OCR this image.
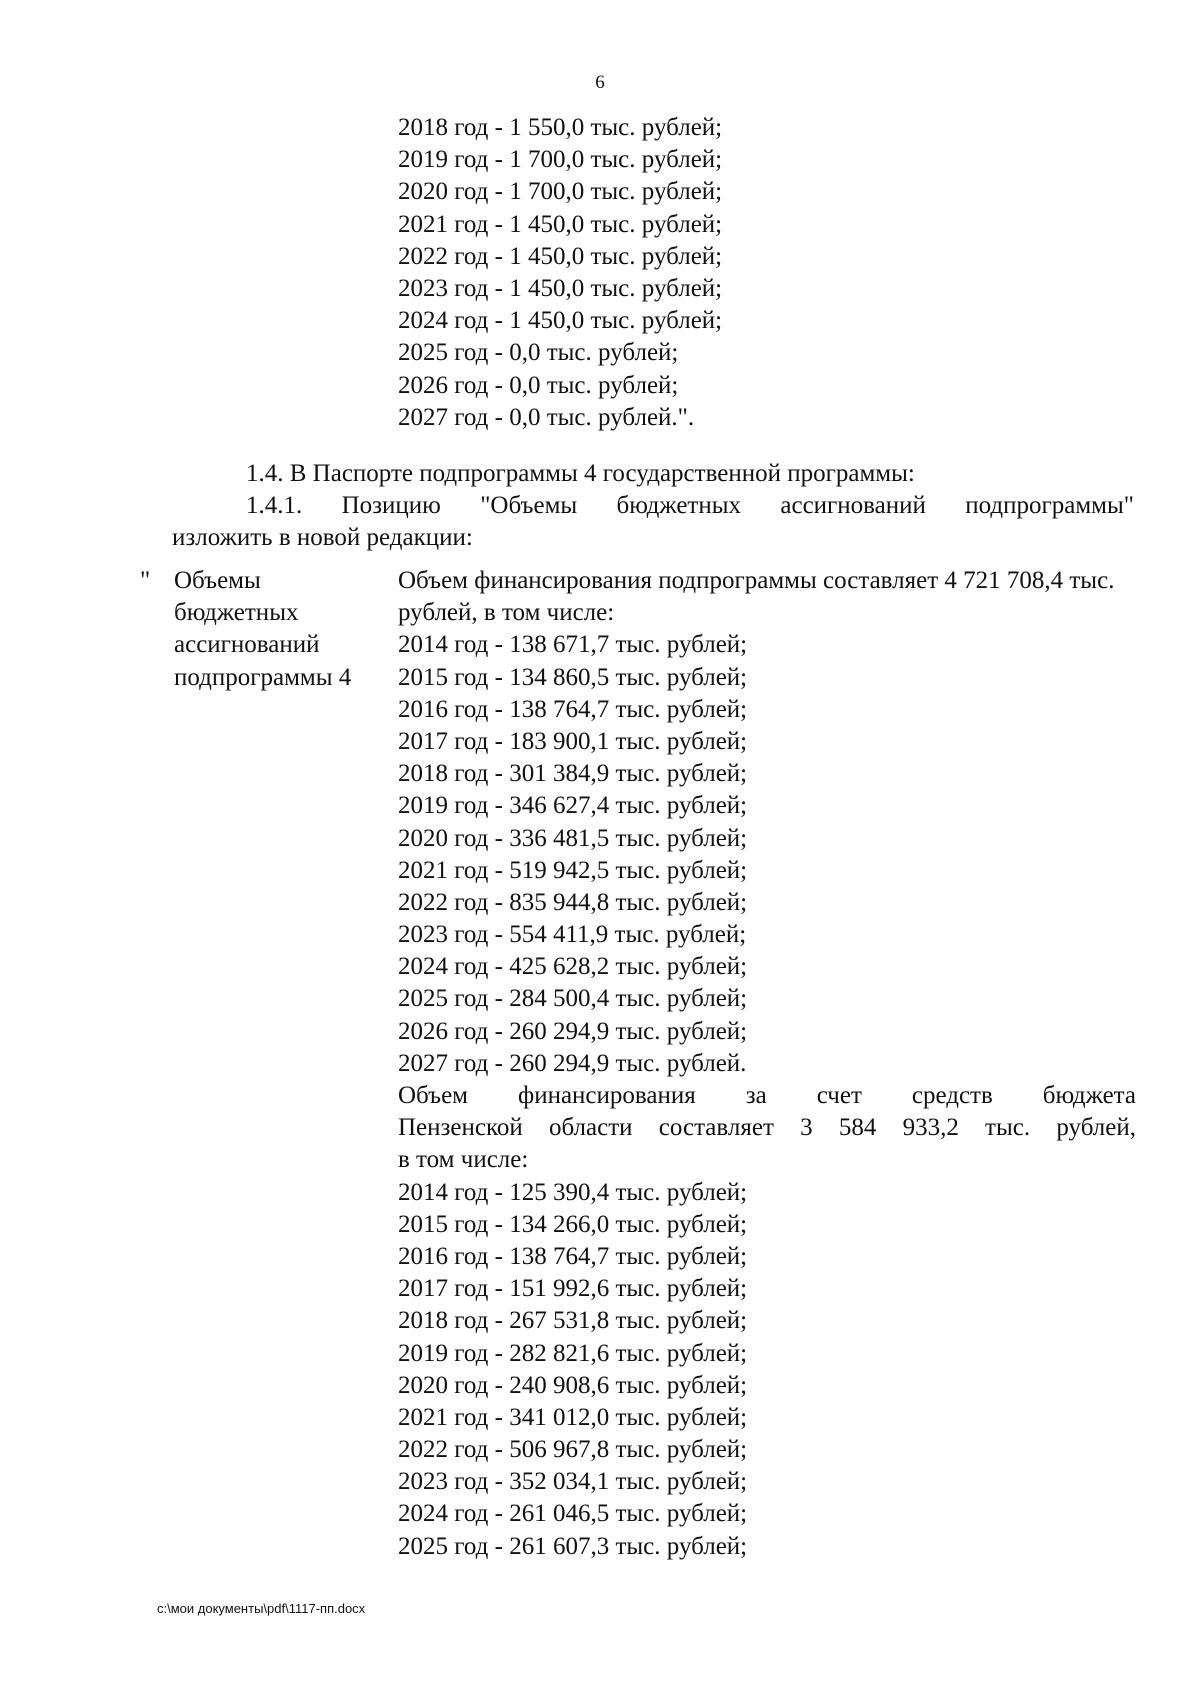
6
2018 год - 1 550,0 тыс. рублей;
2019 год - 1 700,0 тыс. рублей;
2020 год - 1 700,0 тыс. рублей;
2021 год - 1 450,0 тыс. рублей;
2022 год - 1 450,0 тыс. рублей;
2023 год - 1 450,0 тыс. рублей;
2024 год - 1 450,0 тыс. рублей;
2025 год - 0,0 тыс. рублей;
2026 год - 0,0 тыс. рублей;
2027 год - 0,0 тыс. рублей.".
1.4. В Паспорте подпрограммы 4 государственной программы:
1.4.1. Позицию "Объемы бюджетных ассигнований подпрограммы"
изложить в новой редакции:
" Объемы
бюджетных
ассигнований
подпрограммы 4
Объем финансирования подпрограммы составляет 4 721 708,4 тыс.
рублей, в том числе:
2014 год - 138 671,7 тыс. рублей;
2015 год - 134 860,5 тыс. рублей;
2016 год - 138 764,7 тыс. рублей;
2017 год - 183 900,1 тыс. рублей;
2018 год - 301 384,9 тыс. рублей;
2019 год - 346 627,4 тыс. рублей;
2020 год - 336 481,5 тыс. рублей;
2021 год - 519 942,5 тыс. рублей;
2022 год - 835 944,8 тыс. рублей;
2023 год - 554 411,9 тыс. рублей;
2024 год - 425 628,2 тыс. рублей;
2025 год - 284 500,4 тыс. рублей;
2026 год - 260 294,9 тыс. рублей;
2027 год - 260 294,9 тыс. рублей.
Объем финансирования за счет средств бюджета
Пензенской области составляет 3 584 933,2 тыс. рублей,
в том числе:
2014 год - 125 390,4 тыс. рублей;
2015 год - 134 266,0 тыс. рублей;
2016 год - 138 764,7 тыс. рублей;
2017 год - 151 992,6 тыс. рублей;
2018 год - 267 531,8 тыс. рублей;
2019 год - 282 821,6 тыс. рублей;
2020 год - 240 908,6 тыс. рублей;
2021 год - 341 012,0 тыс. рублей;
2022 год - 506 967,8 тыс. рублей;
2023 год - 352 034,1 тыс. рублей;
2024 год - 261 046,5 тыс. рублей;
2025 год - 261 607,3 тыс. рублей;
c:\мои документы\pdf\1117-пп.docx
